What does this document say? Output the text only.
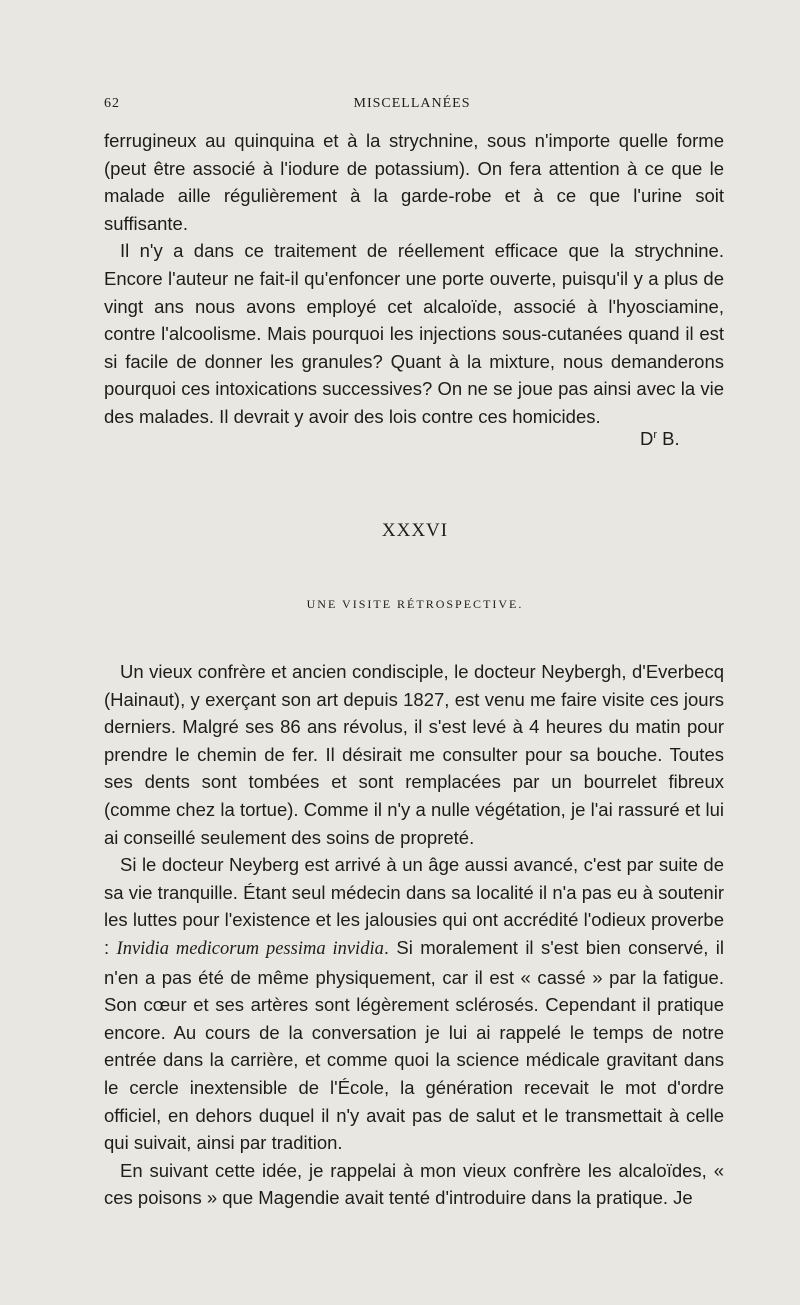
62	MISCELLANÉES

ferrugineux au quinquina et à la strychnine, sous n'importe quelle forme (peut être associé à l'iodure de potassium). On fera attention à ce que le malade aille régulièrement à la garde-robe et à ce que l'urine soit suffisante.

Il n'y a dans ce traitement de réellement efficace que la strychnine. Encore l'auteur ne fait-il qu'enfoncer une porte ouverte, puisqu'il y a plus de vingt ans nous avons employé cet alcaloïde, associé à l'hyosciamine, contre l'alcoolisme. Mais pourquoi les injections sous-cutanées quand il est si facile de donner les granules? Quant à la mixture, nous demanderons pourquoi ces intoxications successives? On ne se joue pas ainsi avec la vie des malades. Il devrait y avoir des lois contre ces homicides.

$D^r$ B.
XXXVI
UNE VISITE RÉTROSPECTIVE.

Un vieux confrère et ancien condisciple, le docteur Neybergh, d'Everbecq (Hainaut), y exerçant son art depuis 1827, est venu me faire visite ces jours derniers. Malgré ses 86 ans révolus, il s'est levé à 4 heures du matin pour prendre le chemin de fer. Il désirait me consulter pour sa bouche. Toutes ses dents sont tombées et sont remplacées par un bourrelet fibreux (comme chez la tortue). Comme il n'y a nulle végétation, je l'ai rassuré et lui ai conseillé seulement des soins de propreté.

Si le docteur Neyberg est arrivé à un âge aussi avancé, c'est par suite de sa vie tranquille. Étant seul médecin dans sa localité il n'a pas eu à soutenir les luttes pour l'existence et les jalousies qui ont accrédité l'odieux proverbe : Invidia medicorum pessima invidia. Si moralement il s'est bien conservé, il n'en a pas été de même physiquement, car il est « cassé » par la fatigue. Son cœur et ses artères sont légèrement sclérosés. Cependant il pratique encore. Au cours de la conversation je lui ai rappelé le temps de notre entrée dans la carrière, et comme quoi la science médicale gravitant dans le cercle inextensible de l'École, la génération recevait le mot d'ordre officiel, en dehors duquel il n'y avait pas de salut et le transmettait à celle qui suivait, ainsi par tradition.

En suivant cette idée, je rappelai à mon vieux confrère les alcaloïdes, « ces poisons » que Magendie avait tenté d'introduire dans la pratique. Je
